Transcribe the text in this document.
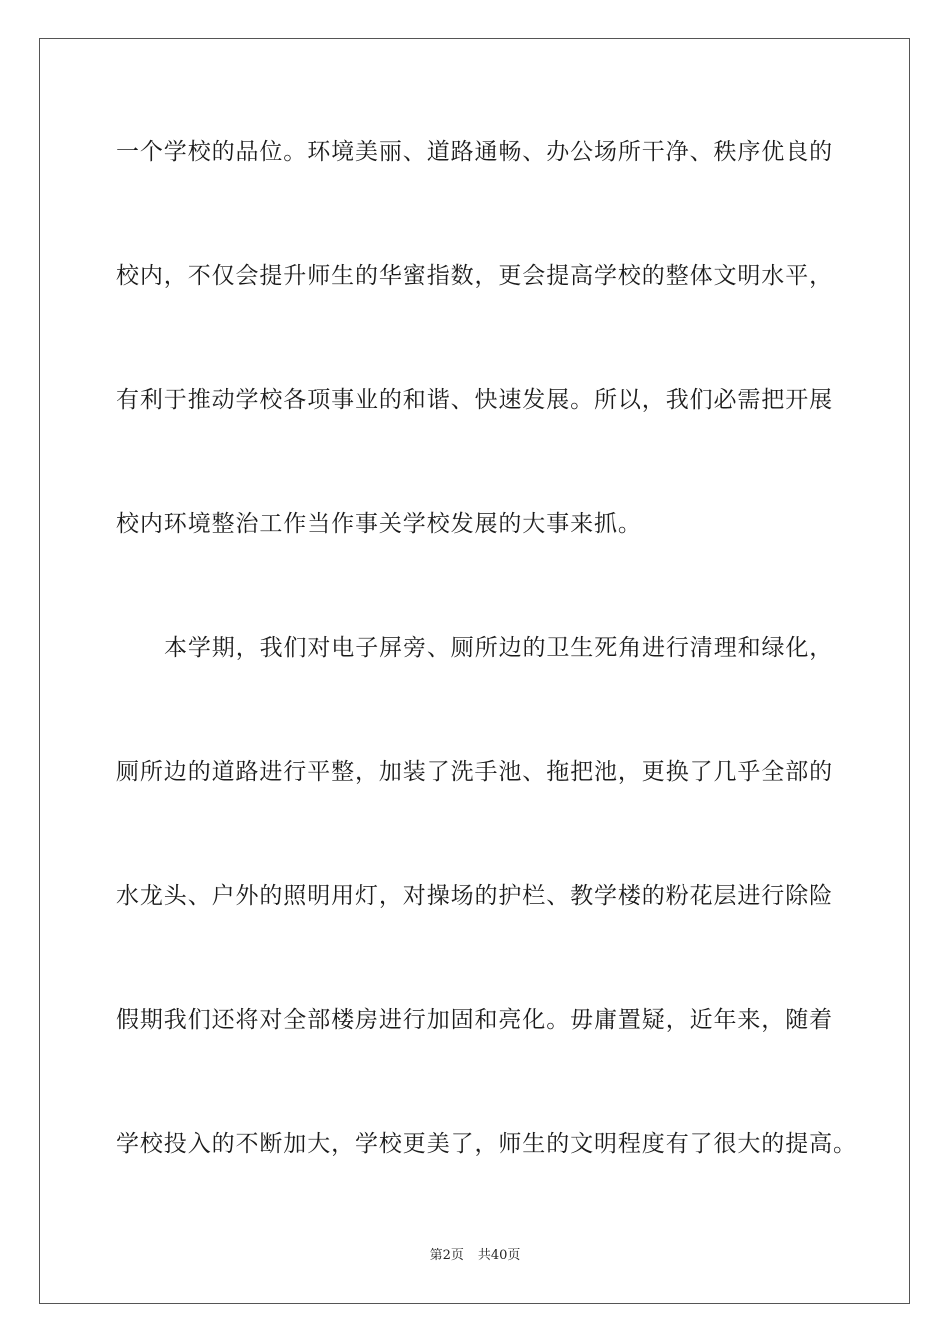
一个学校的品位。环境美丽、道路通畅、办公场所干净、秩序优良的
校内，不仅会提升师生的华蜜指数，更会提高学校的整体文明水平，
有利于推动学校各项事业的和谐、快速发展。所以，我们必需把开展
校内环境整治工作当作事关学校发展的大事来抓。
本学期，我们对电子屏旁、厕所边的卫生死角进行清理和绿化，
厕所边的道路进行平整，加装了洗手池、拖把池，更换了几乎全部的
水龙头、户外的照明用灯，对操场的护栏、教学楼的粉花层进行除险
假期我们还将对全部楼房进行加固和亮化。毋庸置疑，近年来，随着
学校投入的不断加大，学校更美了，师生的文明程度有了很大的提高。
第2页 共40页
